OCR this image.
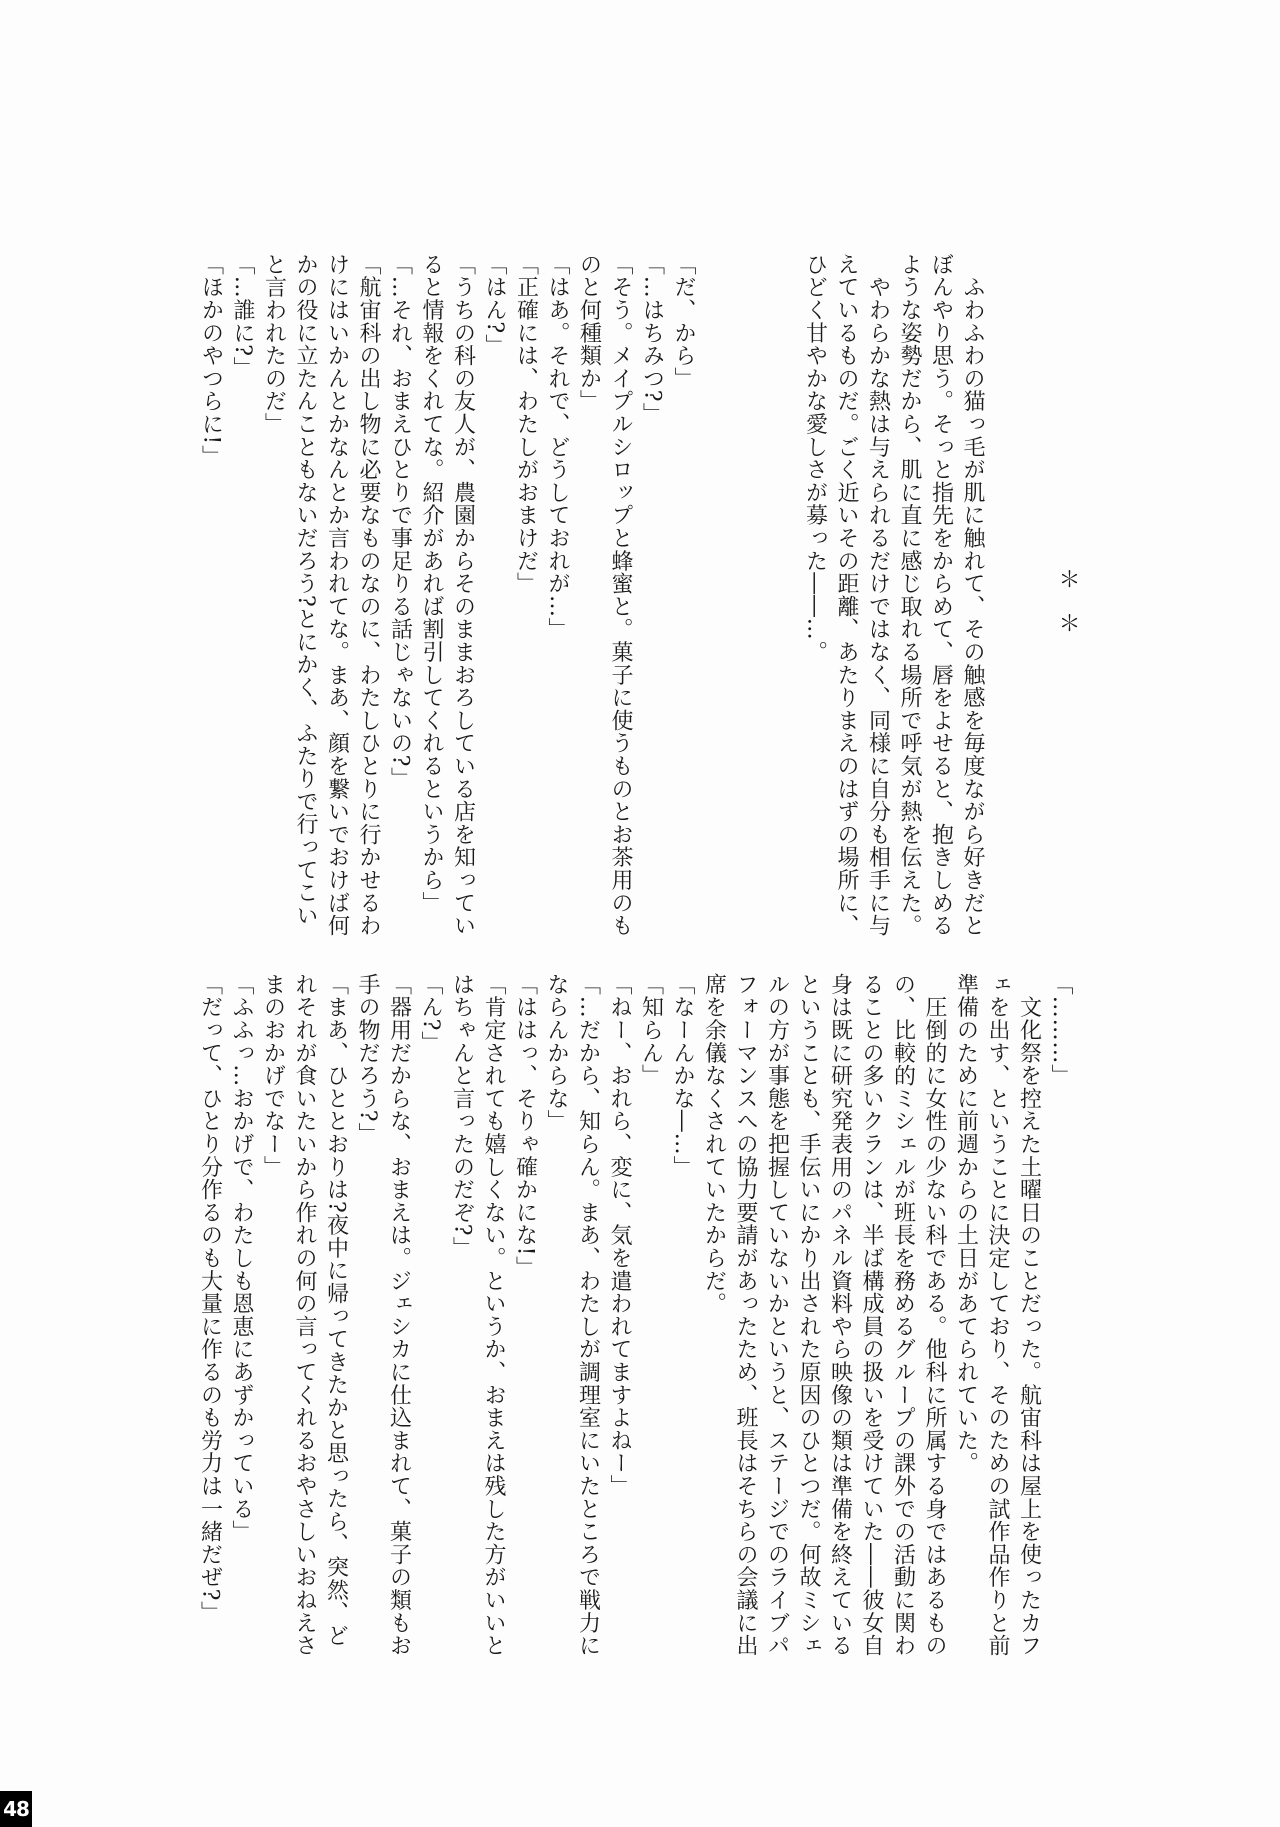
　ふわふわの猫っ毛が肌に触れて、その触感を毎度ながら好きだと
ぼんやり思う。そっと指先をからめて、唇をよせると、抱きしめる
ような姿勢だから、肌に直に感じ取れる場所で呼気が熱を伝えた。
　やわらかな熱は与えられるだけではなく、同様に自分も相手に与
えているものだ。ごく近いその距離、あたりまえのはずの場所に、
ひどく甘やかな愛しさが募った――…。	＊＊
「だ、から」
「…はちみつ?」
「そう。メイプルシロップと蜂蜜と。菓子に使うものとお茶用のも
のと何種類か」
「はあ。それで、どうしておれが…」
「正確には、わたしがおまけだ」
「はん?」
「うちの科の友人が、農園からそのままおろしている店を知ってい
ると情報をくれてな。紹介があれば割引してくれるというから」
「…それ、おまえひとりで事足りる話じゃないの?」
「航宙科の出し物に必要なものなのに、わたしひとりに行かせるわ
けにはいかんとかなんとか言われてな。まあ、顔を繋いでおけば何
かの役に立たんこともないだろう?とにかく、ふたりで行ってこい
と言われたのだ」
「…誰に?」
「ほかのやつらに!」
「………」
　文化祭を控えた土曜日のことだった。航宙科は屋上を使ったカフ
ェを出す、ということに決定しており、そのための試作品作りと前
準備のために前週からの土日があてられていた。
　圧倒的に女性の少ない科である。他科に所属する身ではあるもの
の、比較的ミシェルが班長を務めるグループの課外での活動に関わ
ることの多いクランは、半ば構成員の扱いを受けていた――彼女自
身は既に研究発表用のパネル資料やら映像の類は準備を終えている
ということも、手伝いにかり出された原因のひとつだ。何故ミシェ
ルの方が事態を把握していないかというと、ステージでのライブパ
フォーマンスへの協力要請があったため、班長はそちらの会議に出
席を余儀なくされていたからだ。
「なーんかな―…」
「知らん」
「ねー、おれら、変に、気を遣われてますよねー」
「…だから、知らん。まあ、わたしが調理室にいたところで戦力に
ならんからな」
「ははっ、そりゃ確かにな!」
「肯定されても嬉しくない。というか、おまえは残した方がいいと
はちゃんと言ったのだぞ?」
「ん?」
「器用だからな、おまえは。ジェシカに仕込まれて、菓子の類もお
手の物だろう?」
「まあ、ひととおりは?夜中に帰ってきたかと思ったら、突然、ど
れそれが食いたいから作れの何の言ってくれるおやさしいおねえさ
まのおかげでなー」
「ふふっ…おかげで、わたしも恩恵にあずかっている」
「だって、ひとり分作るのも大量に作るのも労力は一緒だぜ?」
48
